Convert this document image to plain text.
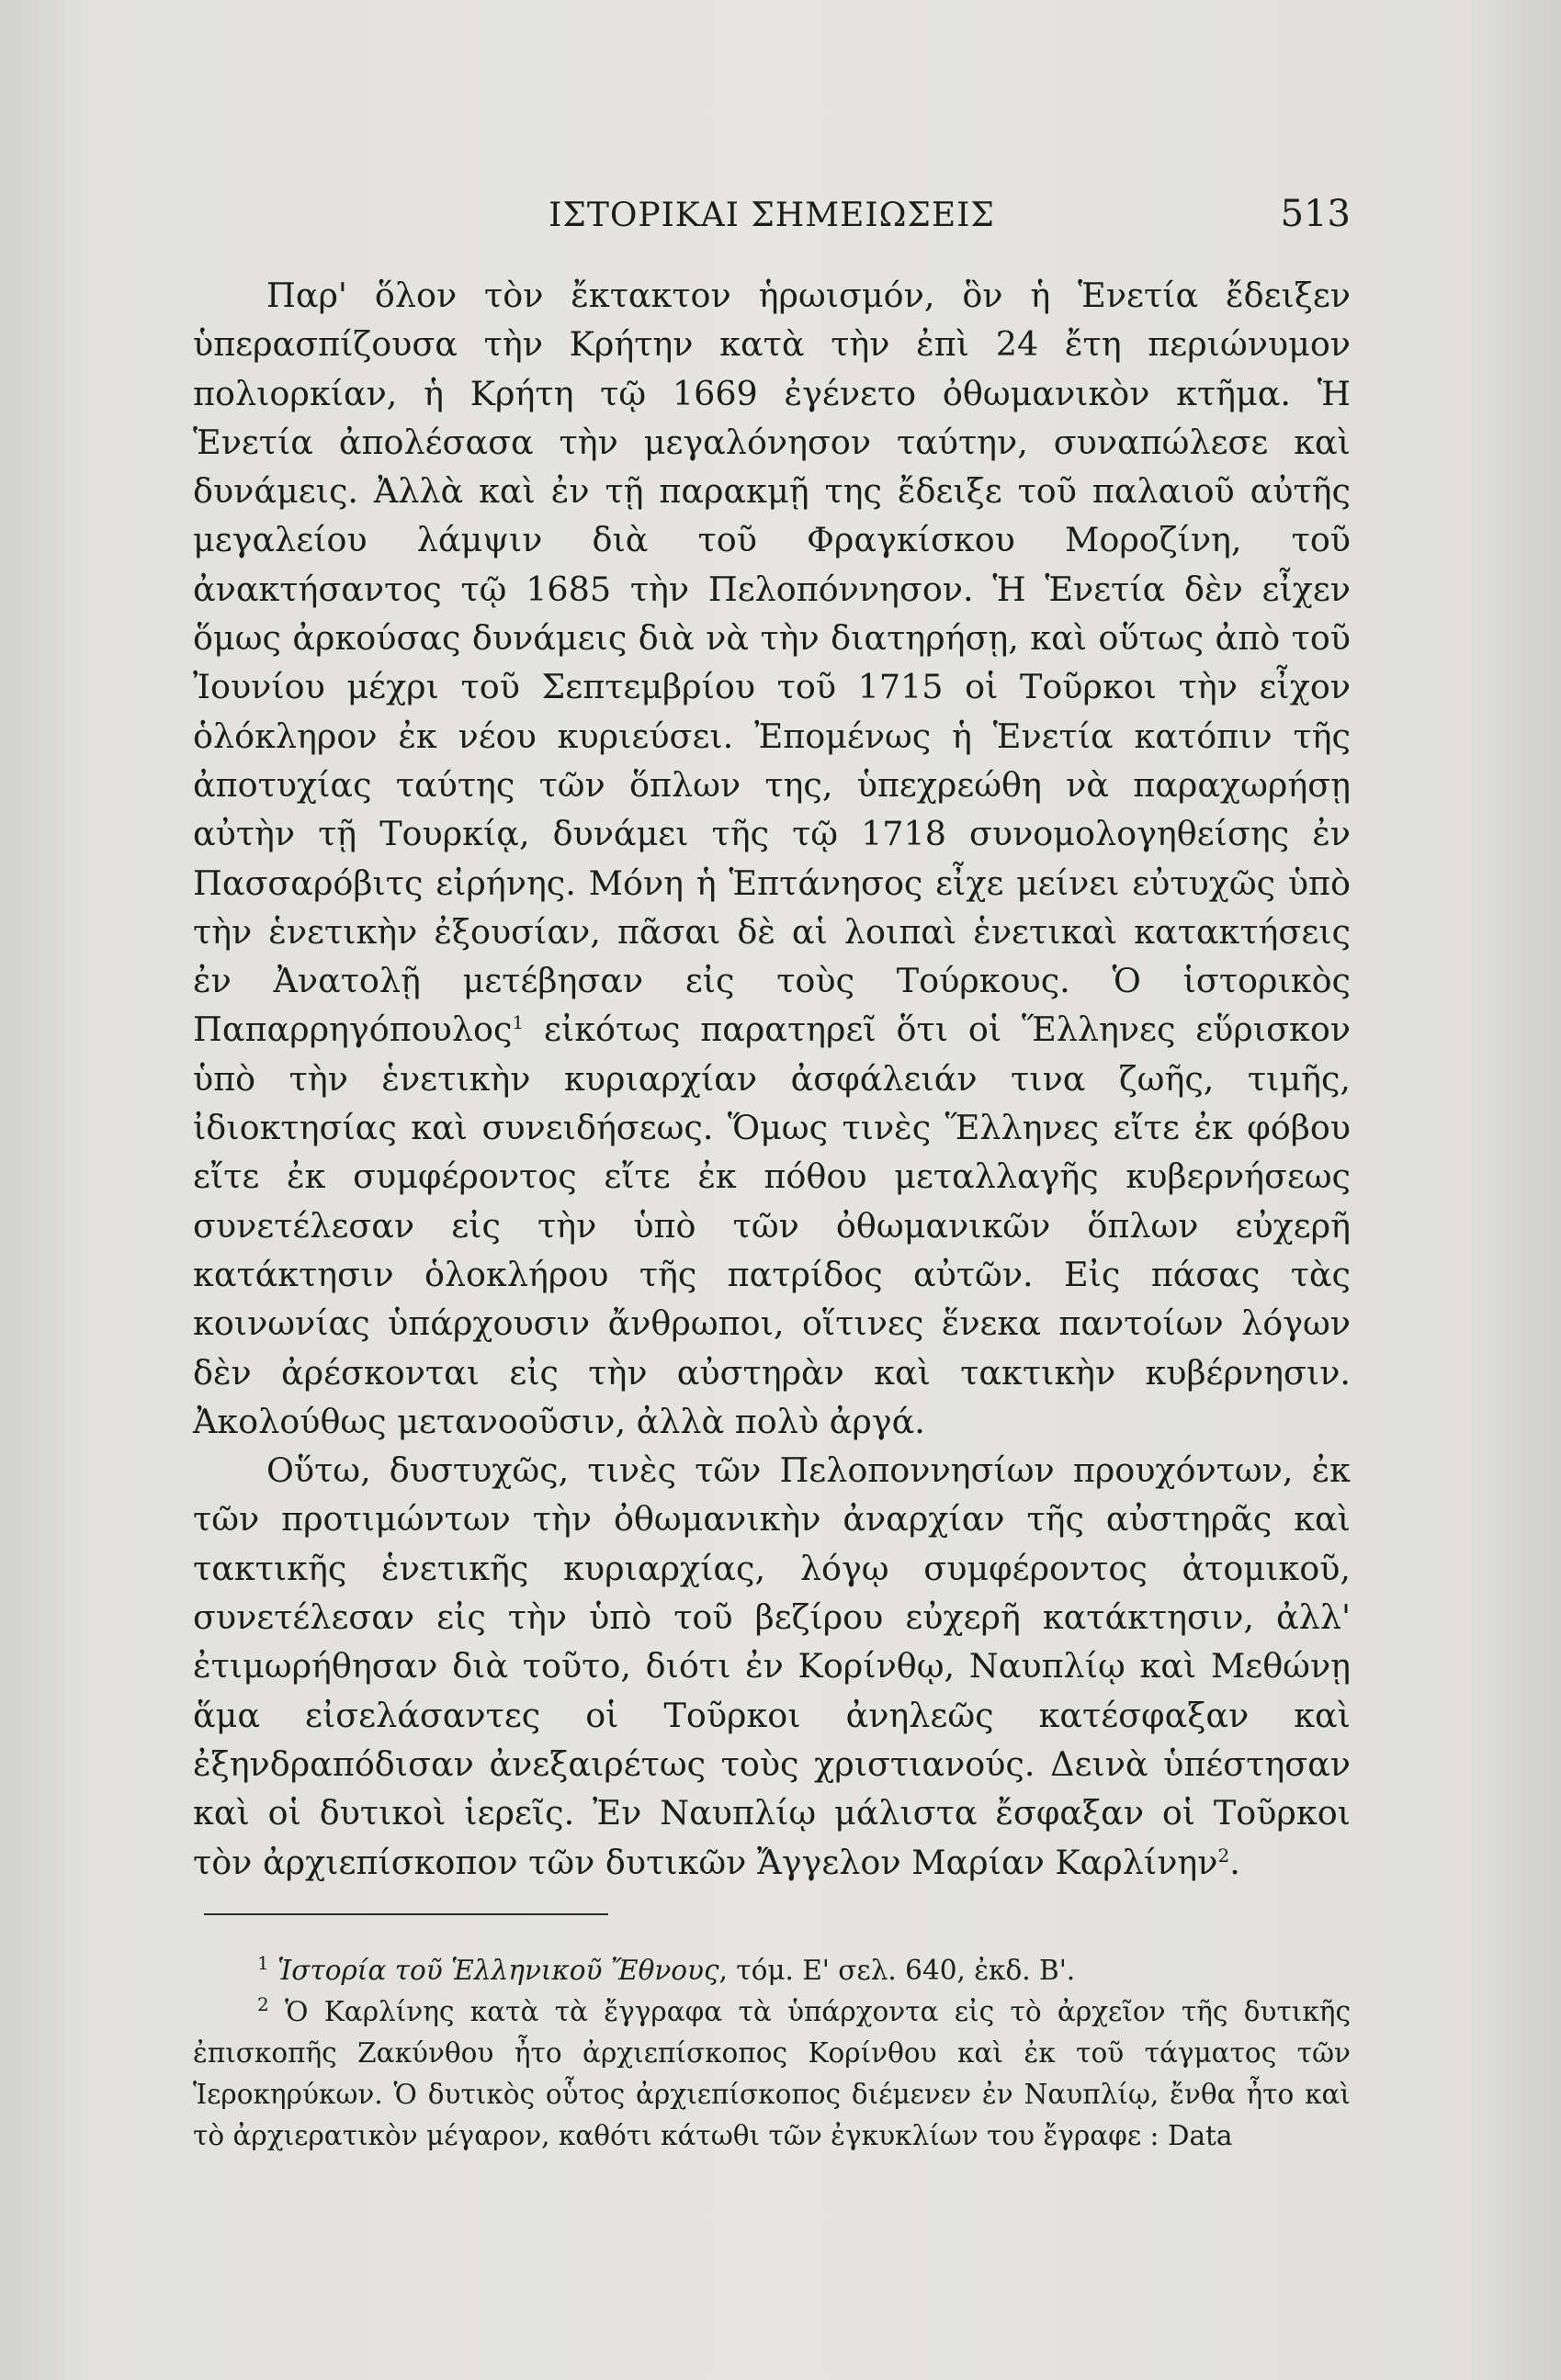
ΙΣΤΟΡΙΚΑΙ ΣΗΜΕΙΩΣΕΙΣ	513

Παρ' ὅλον τὸν ἔκτακτον ἡρωισμόν, ὃν ἡ Ἑνετία ἔδειξεν ὑπερασπίζουσα τὴν Κρήτην κατὰ τὴν ἐπὶ 24 ἔτη περιώνυμον πολιορκίαν, ἡ Κρήτη τῷ 1669 ἐγένετο ὀθωμανικὸν κτῆμα. Ἡ Ἑνετία ἀπολέσασα τὴν μεγαλόνησον ταύτην, συναπώλεσε καὶ δυνάμεις. Ἀλλὰ καὶ ἐν τῇ παρακμῇ της ἔδειξε τοῦ παλαιοῦ αὐτῆς μεγαλείου λάμψιν διὰ τοῦ Φραγκίσκου Μοροζίνη, τοῦ ἀνακτήσαντος τῷ 1685 τὴν Πελοπόννησον. Ἡ Ἑνετία δὲν εἶχεν ὅμως ἀρκούσας δυνάμεις διὰ νὰ τὴν διατηρήσῃ, καὶ οὕτως ἀπὸ τοῦ Ἰουνίου μέχρι τοῦ Σεπτεμβρίου τοῦ 1715 οἱ Τοῦρκοι τὴν εἶχον ὁλόκληρον ἐκ νέου κυριεύσει. Ἐπομένως ἡ Ἑνετία κατόπιν τῆς ἀποτυχίας ταύτης τῶν ὅπλων της, ὑπεχρεώθη νὰ παραχωρήσῃ αὐτὴν τῇ Τουρκίᾳ, δυνάμει τῆς τῷ 1718 συνομολογηθείσης ἐν Πασσαρόβιτς εἰρήνης. Μόνη ἡ Ἑπτάνησος εἶχε μείνει εὐτυχῶς ὑπὸ τὴν ἑνετικὴν ἐξουσίαν, πᾶσαι δὲ αἱ λοιπαὶ ἑνετικαὶ κατακτήσεις ἐν Ἀνατολῇ μετέβησαν εἰς τοὺς Τούρκους. Ὁ ἱστορικὸς Παπαρρηγόπουλος$^1$ εἰκότως παρατηρεῖ ὅτι οἱ Ἕλληνες εὕρισκον ὑπὸ τὴν ἑνετικὴν κυριαρχίαν ἀσφάλειάν τινα ζωῆς, τιμῆς, ἰδιοκτησίας καὶ συνειδήσεως. Ὅμως τινὲς Ἕλληνες εἴτε ἐκ φόβου εἴτε ἐκ συμφέροντος εἴτε ἐκ πόθου μεταλλαγῆς κυβερνήσεως συνετέλεσαν εἰς τὴν ὑπὸ τῶν ὀθωμανικῶν ὅπλων εὐχερῆ κατάκτησιν ὁλοκλήρου τῆς πατρίδος αὐτῶν. Εἰς πάσας τὰς κοινωνίας ὑπάρχουσιν ἄνθρωποι, οἵτινες ἕνεκα παντοίων λόγων δὲν ἀρέσκονται εἰς τὴν αὐστηρὰν καὶ τακτικὴν κυβέρνησιν. Ἀκολούθως μετανοοῦσιν, ἀλλὰ πολὺ ἀργά.

Οὕτω, δυστυχῶς, τινὲς τῶν Πελοποννησίων προυχόντων, ἐκ τῶν προτιμώντων τὴν ὀθωμανικὴν ἀναρχίαν τῆς αὐστηρᾶς καὶ τακτικῆς ἑνετικῆς κυριαρχίας, λόγῳ συμφέροντος ἀτομικοῦ, συνετέλεσαν εἰς τὴν ὑπὸ τοῦ βεζίρου εὐχερῆ κατάκτησιν, ἀλλ' ἐτιμωρήθησαν διὰ τοῦτο, διότι ἐν Κορίνθῳ, Ναυπλίῳ καὶ Μεθώνῃ ἅμα εἰσελάσαντες οἱ Τοῦρκοι ἀνηλεῶς κατέσφαξαν καὶ ἐξηνδραπόδισαν ἀνεξαιρέτως τοὺς χριστιανούς. Δεινὰ ὑπέστησαν καὶ οἱ δυτικοὶ ἱερεῖς. Ἐν Ναυπλίῳ μάλιστα ἔσφαξαν οἱ Τοῦρκοι τὸν ἀρχιεπίσκοπον τῶν δυτικῶν Ἄγγελον Μαρίαν Καρλίνην$^2$.

$^1$ Ἱστορία τοῦ Ἑλληνικοῦ Ἔθνους, τόμ. Ε' σελ. 640, ἐκδ. Β'.

$^2$ Ὁ Καρλίνης κατὰ τὰ ἔγγραφα τὰ ὑπάρχοντα εἰς τὸ ἀρχεῖον τῆς δυτικῆς ἐπισκοπῆς Ζακύνθου ἦτο ἀρχιεπίσκοπος Κορίνθου καὶ ἐκ τοῦ τάγματος τῶν Ἱεροκηρύκων. Ὁ δυτικὸς οὗτος ἀρχιεπίσκοπος διέμενεν ἐν Ναυπλίῳ, ἔνθα ἦτο καὶ τὸ ἀρχιερατικὸν μέγαρον, καθότι κάτωθι τῶν ἐγκυκλίων του ἔγραφε : Data
